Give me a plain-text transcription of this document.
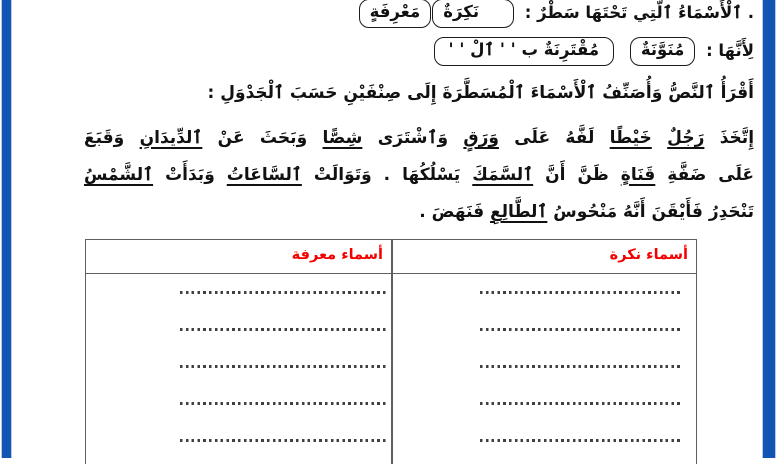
. ٱلْأَسْمَاءُ ٱلَّتِي تَحْتَهَا سَطْرٌ : نَكِرَةٌمَعْرِفَةٍ
لِأَنَّهَا : مُنَوَّنَةٌ مُقْتَرِنَةٌ ب ' ' ٱلْ ' '
أَقْرَأُ ٱلنَّصُّ وَأُصَنِّفُ ٱلْأَسْمَاءَ ٱلْمُسَطَّرَةَ إِلَى صِنْفَيْنِ حَسَبَ ٱلْجَدْوَلِ :
إِتَّخَذَ رَجُلٌ خَيْطًا لَفَّهُ عَلَى وَرَقٍ وَٱشْتَرَى شِصًّا وَبَحَثَ عَنْ ٱلدِّيدَانِ وَقَبَعَ
عَلَى ضَفَّةِ قَنَاةٍ ظَنَّ أَنَّ ٱلسَّمَكَ يَسْلُكُهَا . وَتَوَالَتْ ٱلسَّاعَاتُ وَبَدَأَتْ ٱلشَّمْسُ
تَنْحَدِرُ فَأَيْقَنَ أَنَّهُ مَنْحُوسُ ٱلطَّالِعِ فَنَهَضَ .
أسماء نكرة
أسماء معرفة
